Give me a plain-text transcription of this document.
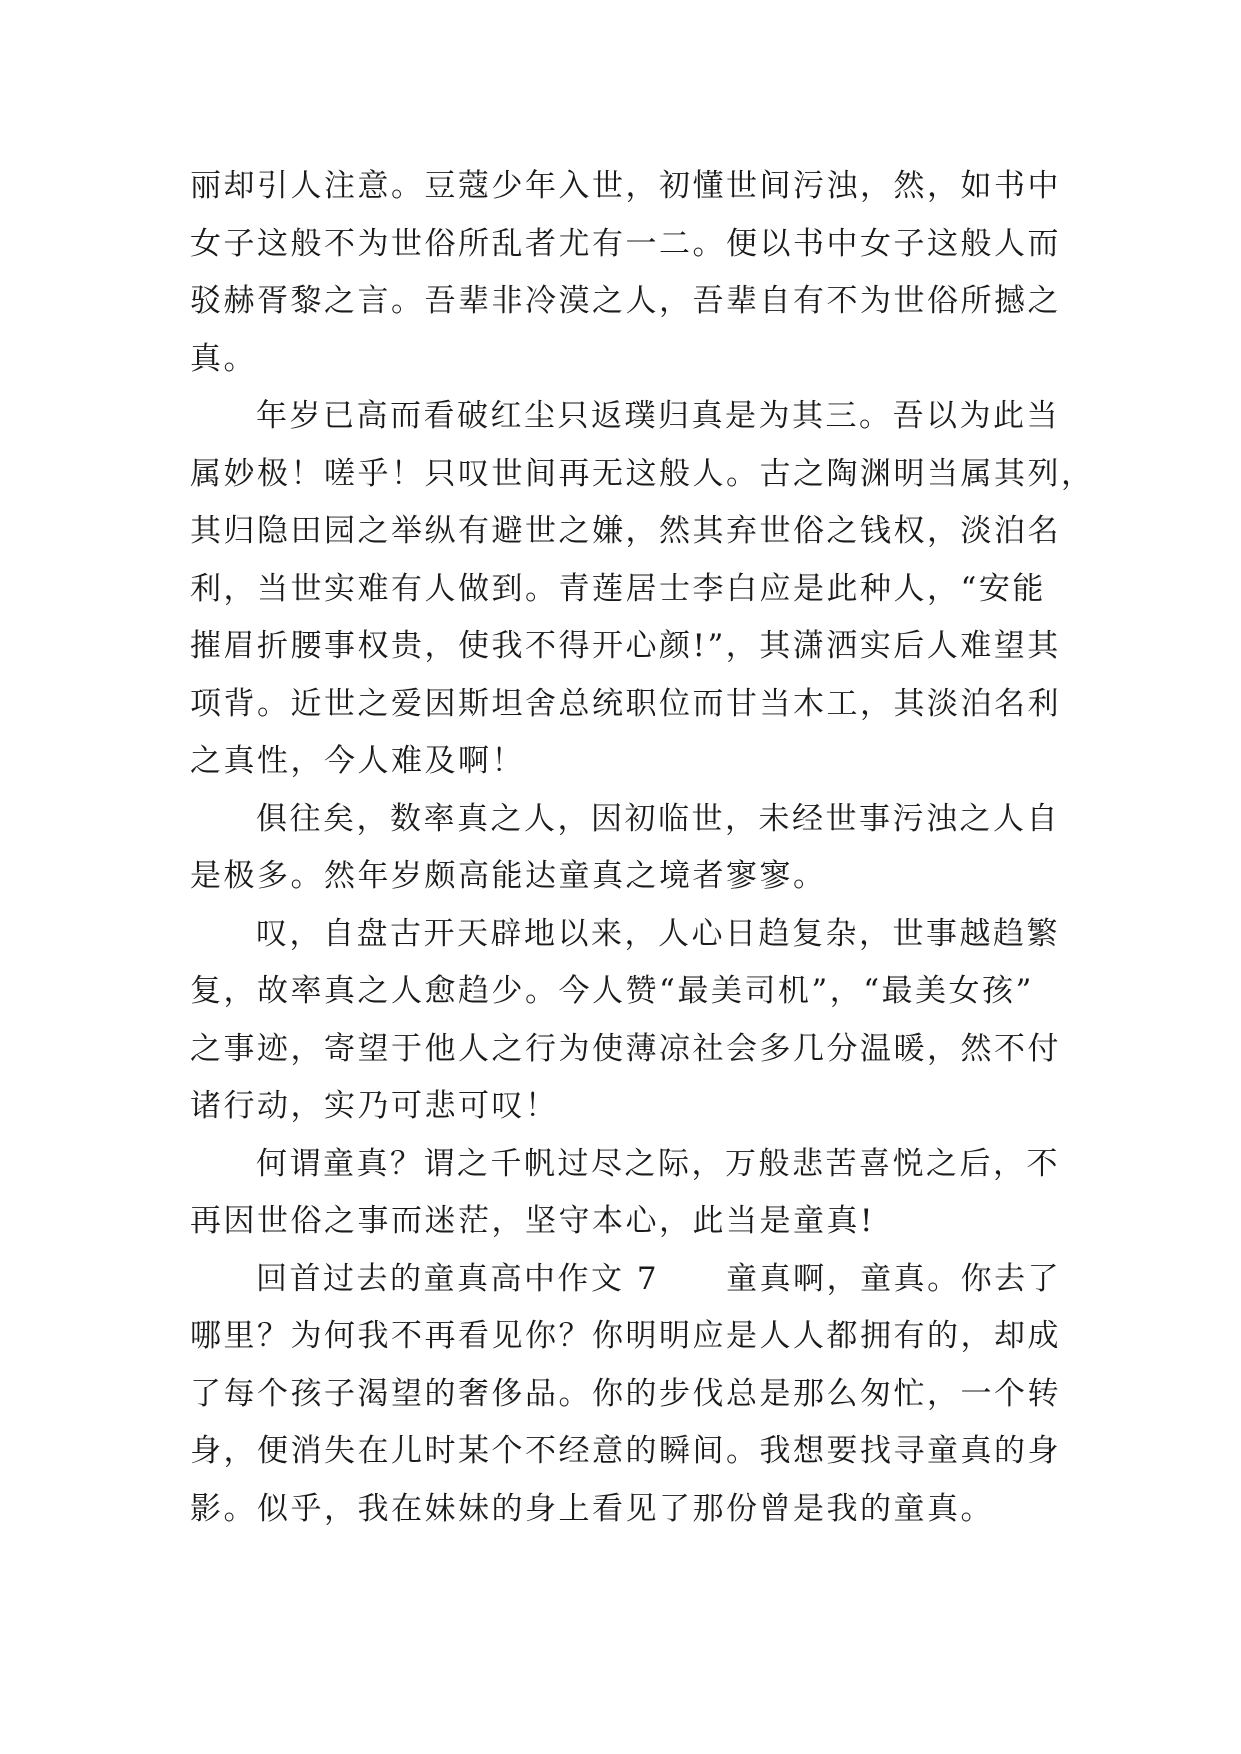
丽却引人注意。豆蔻少年入世，初懂世间污浊，然，如书中
女子这般不为世俗所乱者尤有一二。便以书中女子这般人而
驳赫胥黎之言。吾辈非冷漠之人，吾辈自有不为世俗所撼之
真。
年岁已高而看破红尘只返璞归真是为其三。吾以为此当
属妙极！嗟乎！只叹世间再无这般人。古之陶渊明当属其列，
其归隐田园之举纵有避世之嫌，然其弃世俗之钱权，淡泊名
利，当世实难有人做到。青莲居士李白应是此种人，“安能
摧眉折腰事权贵，使我不得开心颜!”，其潇洒实后人难望其
项背。近世之爱因斯坦舍总统职位而甘当木工，其淡泊名利
之真性，今人难及啊！
俱往矣，数率真之人，因初临世，未经世事污浊之人自
是极多。然年岁颇高能达童真之境者寥寥。
叹，自盘古开天辟地以来，人心日趋复杂，世事越趋繁
复，故率真之人愈趋少。今人赞“最美司机”，“最美女孩”
之事迹，寄望于他人之行为使薄凉社会多几分温暖，然不付
诸行动，实乃可悲可叹！
何谓童真？谓之千帆过尽之际，万般悲苦喜悦之后，不
再因世俗之事而迷茫，坚守本心，此当是童真!
回首过去的童真高中作文 7　　童真啊，童真。你去了
哪里？为何我不再看见你？你明明应是人人都拥有的，却成
了每个孩子渴望的奢侈品。你的步伐总是那么匆忙，一个转
身，便消失在儿时某个不经意的瞬间。我想要找寻童真的身
影。似乎，我在妹妹的身上看见了那份曾是我的童真。
